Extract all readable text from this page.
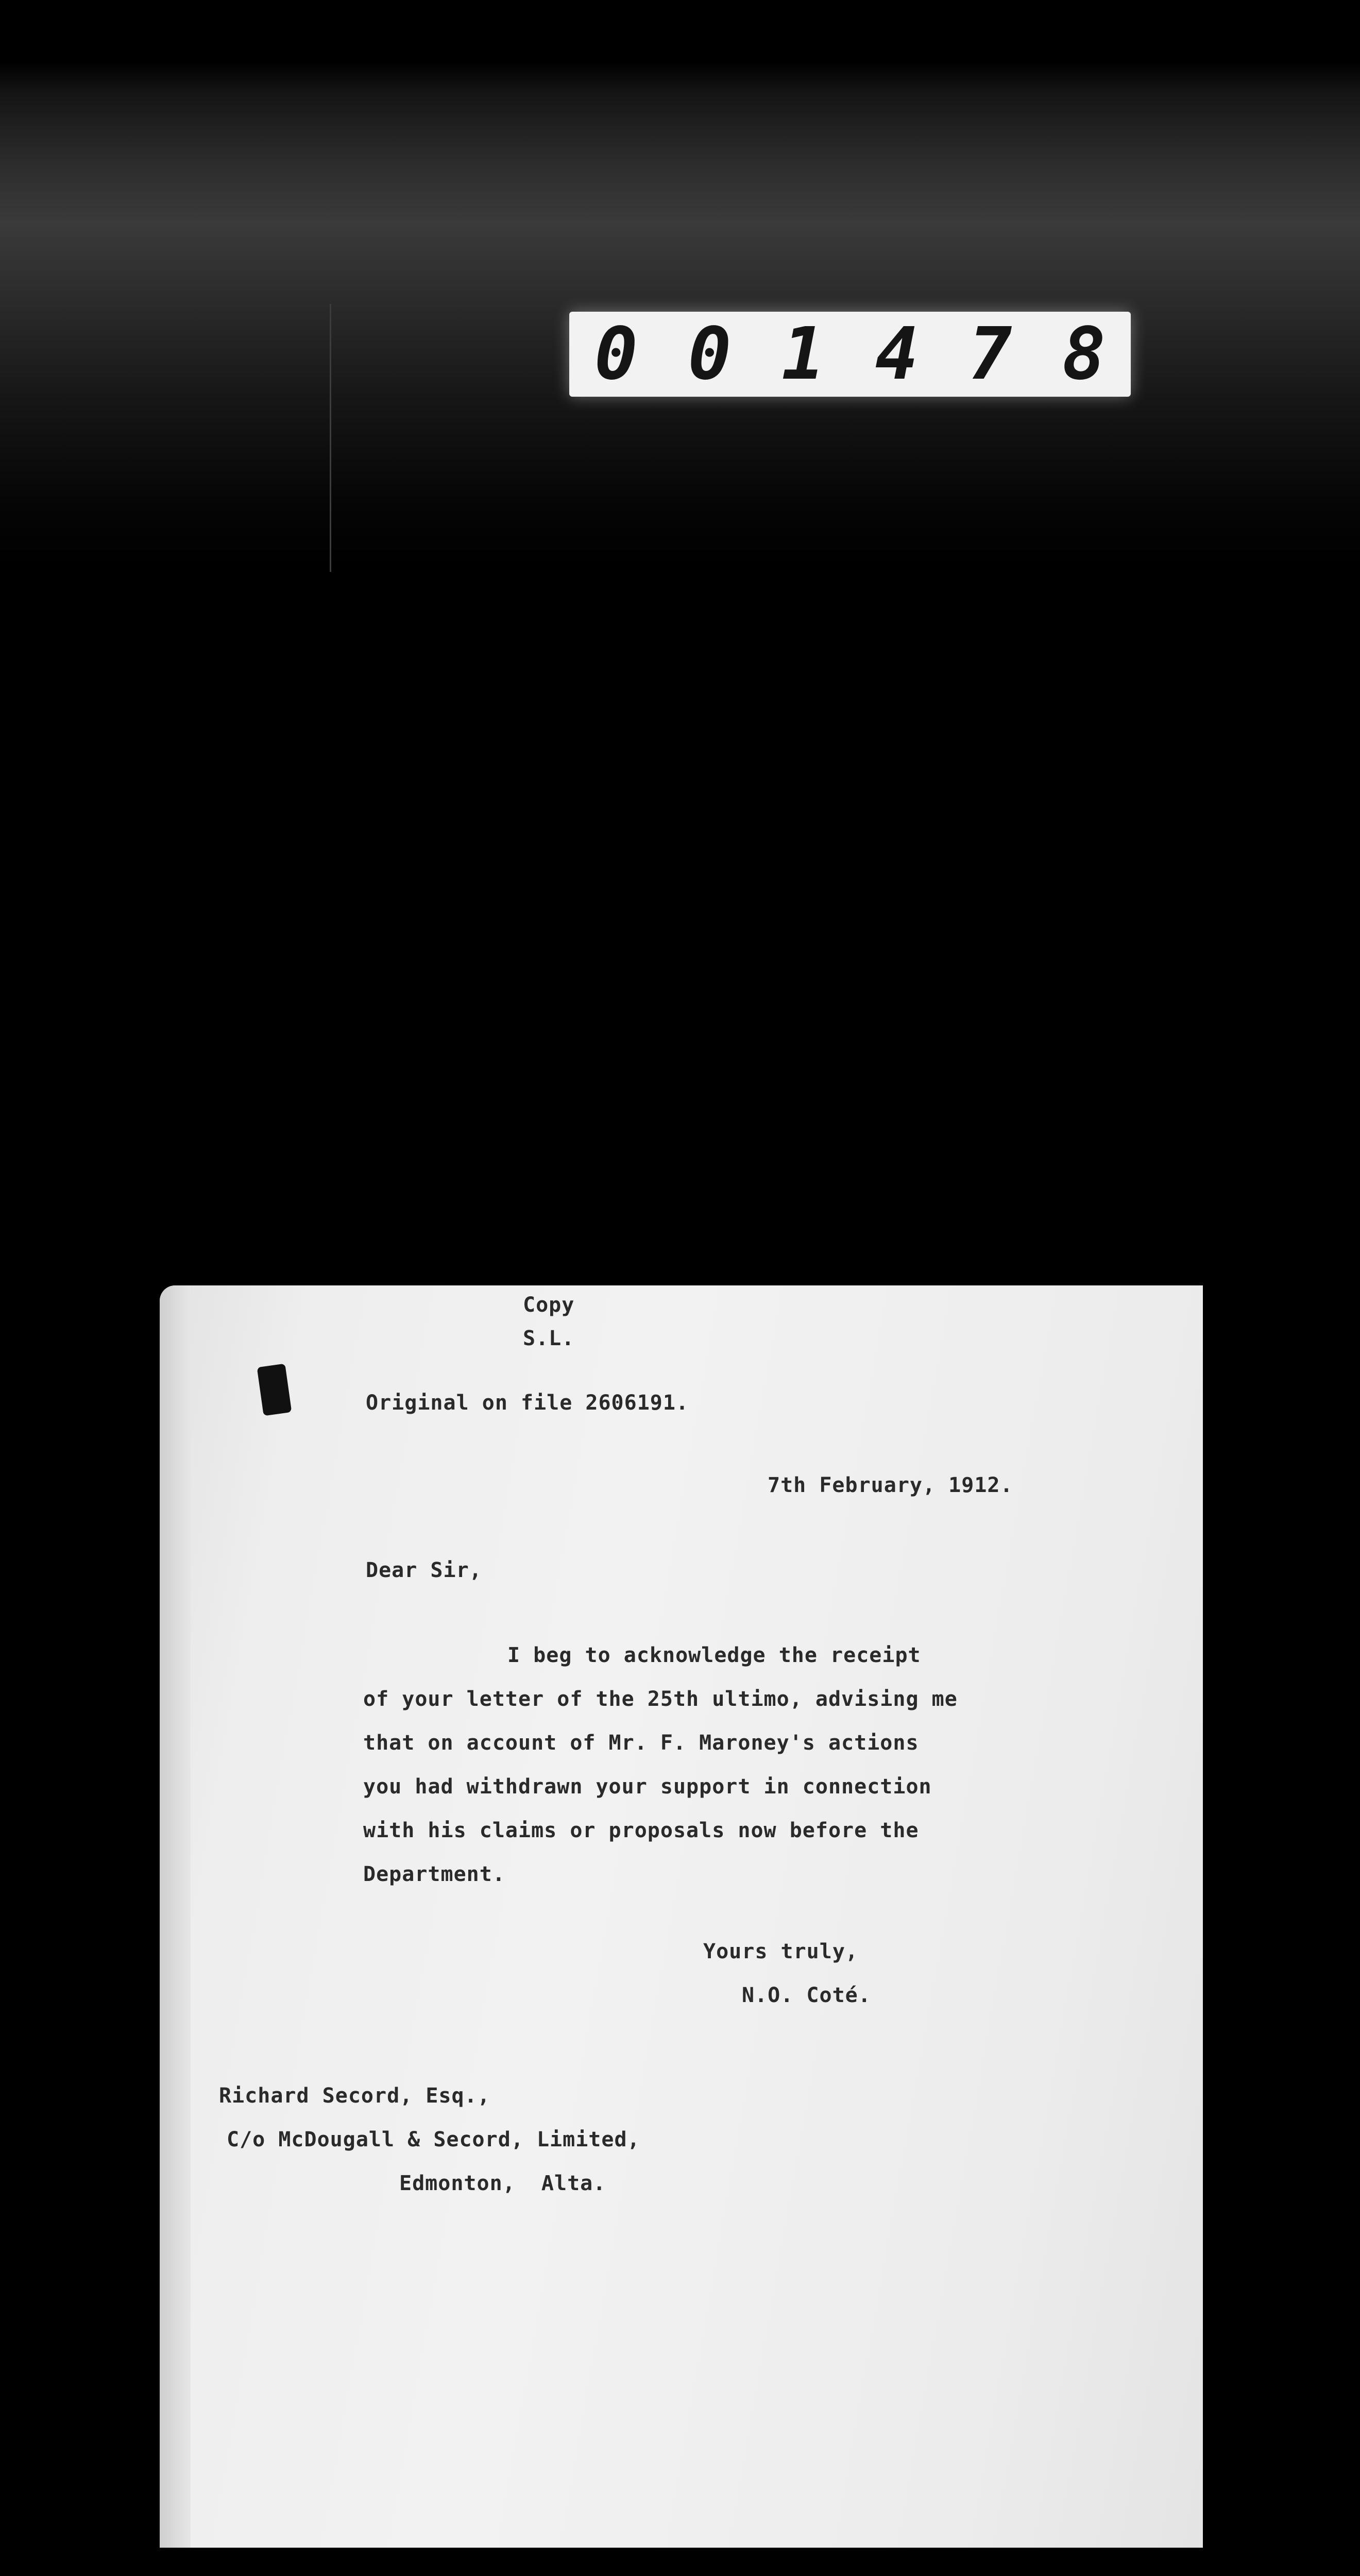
0 0 1 4 7 8
Copy
S.L.
Original on file 2606191.
7th February, 1912.
Dear Sir,
I beg to acknowledge the receipt
of your letter of the 25th ultimo, advising me
that on account of Mr. F. Maroney's actions
you had withdrawn your support in connection
with his claims or proposals now before the
Department.
Yours truly,
N.O. Coté.
Richard Secord, Esq.,
C/o McDougall & Secord, Limited,
Edmonton,  Alta.
